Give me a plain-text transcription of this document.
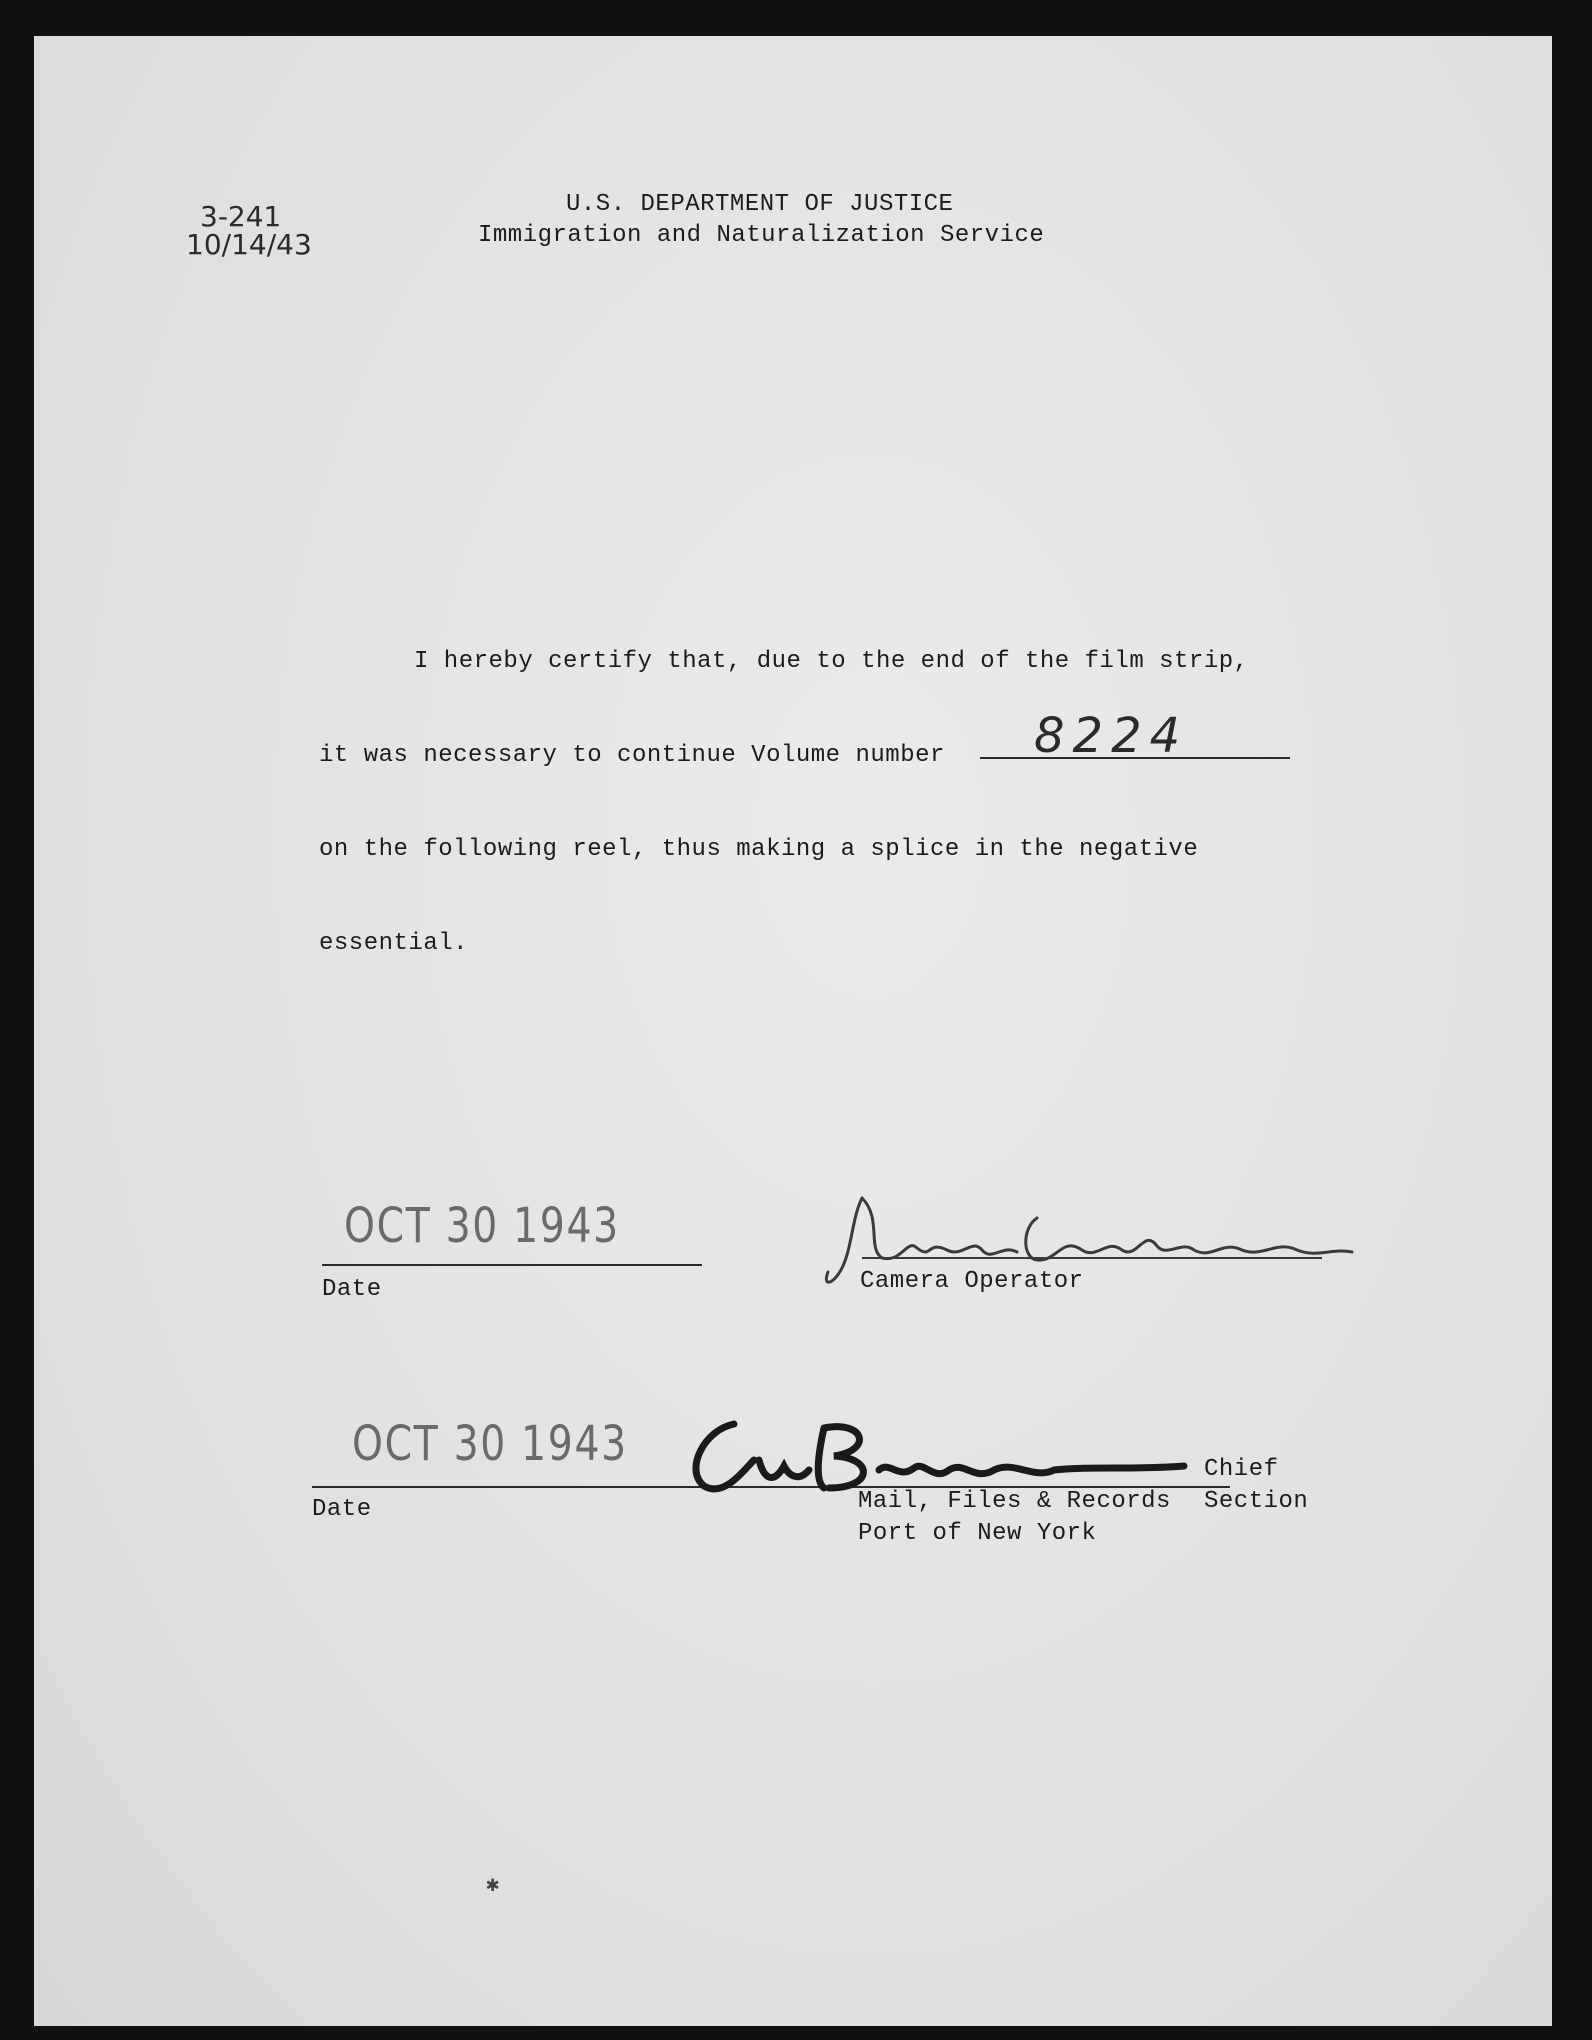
3-241
10/14/43
U.S. DEPARTMENT OF JUSTICE
Immigration and Naturalization Service
I hereby certify that, due to the end of the film strip,
it was necessary to continue Volume number 8224
on the following reel, thus making a splice in the negative
essential.
OCT 30 1943
Date	Camera Operator
OCT 30 1943
Date
Chief
Mail, Files & Records Section
Port of New York
✱
